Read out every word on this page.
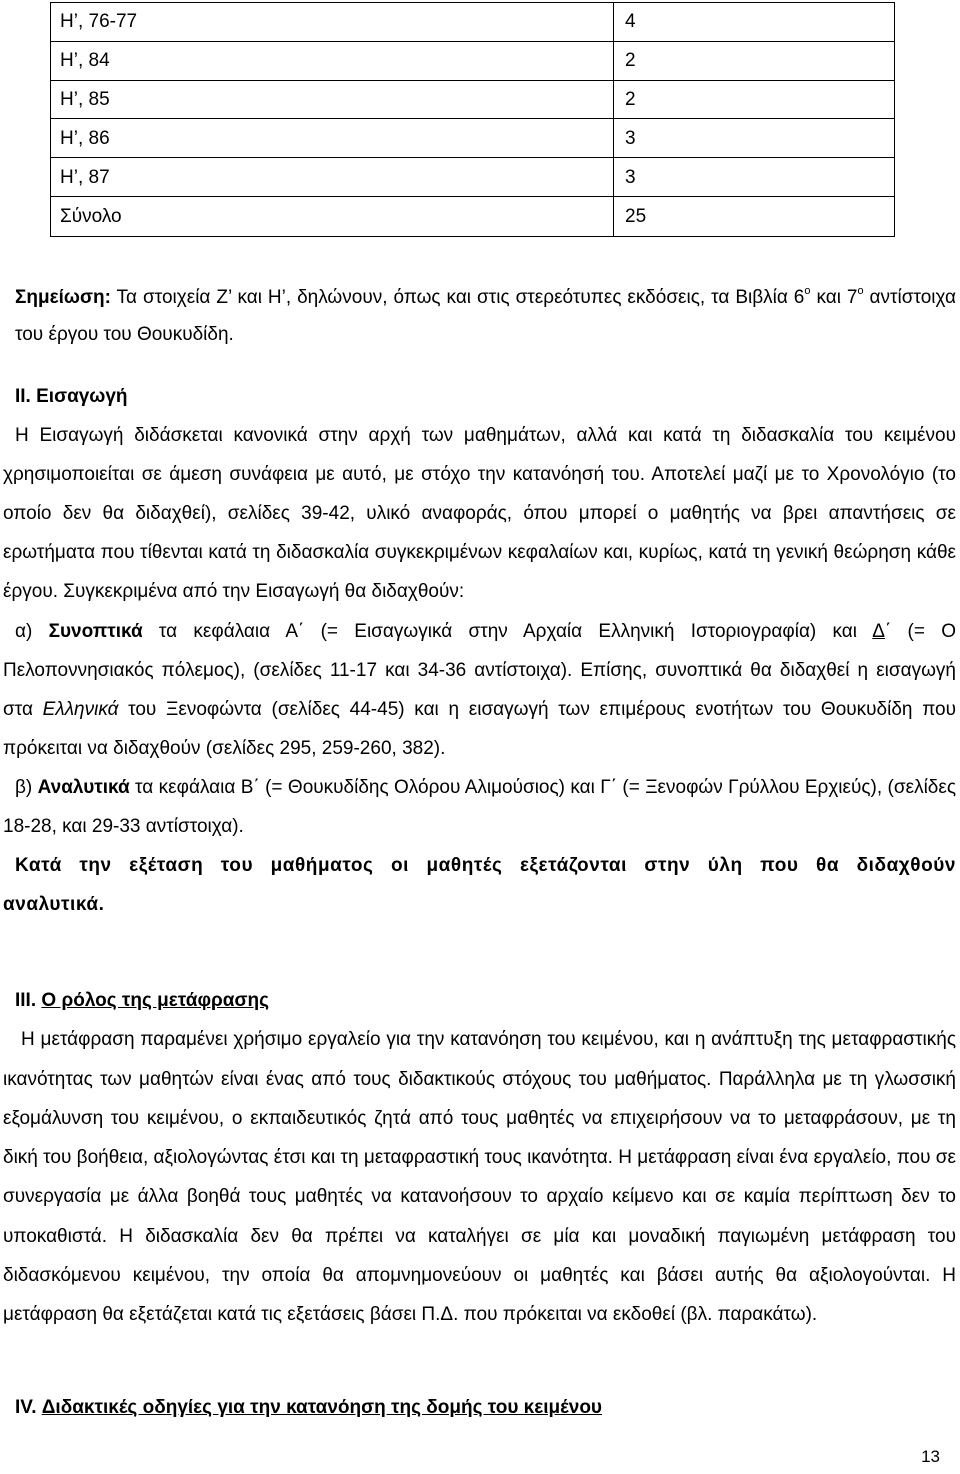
Η’, 76-77	4
Η’, 84	2
Η’, 85	2
Η’, 86	3
Η’, 87	3
Σύνολο	25

Σημείωση: Τα στοιχεία Ζ’ και Η’, δηλώνουν, όπως και στις στερεότυπες εκδόσεις, τα Βιβλία $6^o$ και $7^o$ αντίστοιχα του έργου του Θουκυδίδη.

ΙΙ. Εισαγωγή

Η Εισαγωγή διδάσκεται κανονικά στην αρχή των μαθημάτων, αλλά και κατά τη διδασκαλία του κειμένου χρησιμοποιείται σε άμεση συνάφεια με αυτό, με στόχο την κατανόησή του. Αποτελεί μαζί με το Χρονολόγιο (το οποίο δεν θα διδαχθεί), σελίδες 39-42, υλικό αναφοράς, όπου μπορεί ο μαθητής να βρει απαντήσεις σε ερωτήματα που τίθενται κατά τη διδασκαλία συγκεκριμένων κεφαλαίων και, κυρίως, κατά τη γενική θεώρηση κάθε έργου. Συγκεκριμένα από την Εισαγωγή θα διδαχθούν:

α) Συνοπτικά τα κεφάλαια Α΄ (= Εισαγωγικά στην Αρχαία Ελληνική Ιστοριογραφία) και Δ΄ (= Ο Πελοποννησιακός πόλεμος), (σελίδες 11-17 και 34-36 αντίστοιχα). Επίσης, συνοπτικά θα διδαχθεί η εισαγωγή στα Ελληνικά του Ξενοφώντα (σελίδες 44-45) και η εισαγωγή των επιμέρους ενοτήτων του Θουκυδίδη που πρόκειται να διδαχθούν (σελίδες 295, 259-260, 382).

β) Αναλυτικά τα κεφάλαια Β΄ (= Θουκυδίδης Ολόρου Αλιμούσιος) και Γ΄ (= Ξενοφών Γρύλλου Ερχιεύς), (σελίδες 18-28, και 29-33 αντίστοιχα).

Κατά την εξέταση του μαθήματος οι μαθητές εξετάζονται στην ύλη που θα διδαχθούν αναλυτικά.

ΙΙΙ. Ο ρόλος της μετάφρασης

Η μετάφραση παραμένει χρήσιμο εργαλείο για την κατανόηση του κειμένου, και η ανάπτυξη της μεταφραστικής ικανότητας των μαθητών είναι ένας από τους διδακτικούς στόχους του μαθήματος. Παράλληλα με τη γλωσσική εξομάλυνση του κειμένου, ο εκπαιδευτικός ζητά από τους μαθητές να επιχειρήσουν να το μεταφράσουν, με τη δική του βοήθεια, αξιολογώντας έτσι και τη μεταφραστική τους ικανότητα. Η μετάφραση είναι ένα εργαλείο, που σε συνεργασία με άλλα βοηθά τους μαθητές να κατανοήσουν το αρχαίο κείμενο και σε καμία περίπτωση δεν το υποκαθιστά. Η διδασκαλία δεν θα πρέπει να καταλήγει σε μία και μοναδική παγιωμένη μετάφραση του διδασκόμενου κειμένου, την οποία θα απομνημονεύουν οι μαθητές και βάσει αυτής θα αξιολογούνται. Η μετάφραση θα εξετάζεται κατά τις εξετάσεις βάσει Π.Δ. που πρόκειται να εκδοθεί (βλ. παρακάτω).

IV. Διδακτικές οδηγίες για την κατανόηση της δομής του κειμένου

13
